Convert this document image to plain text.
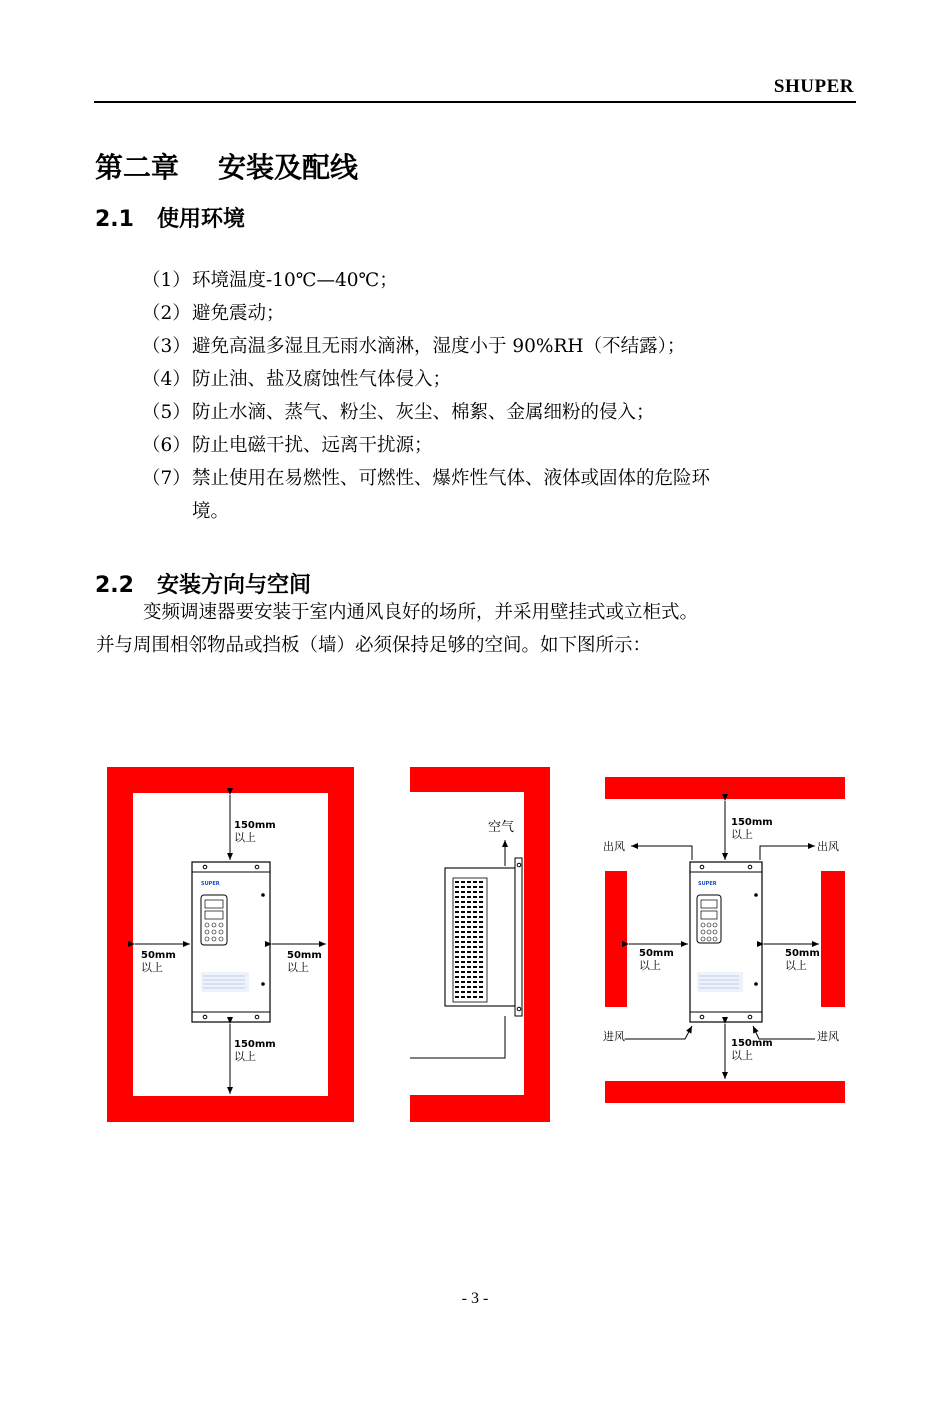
SHUPER
第二章    安装及配线
2.1   使用环境
（1）环境温度-10℃—40℃；
（2）避免震动；
（3）避免高温多湿且无雨水滴淋，湿度小于 90%RH（不结露）；
（4）防止油、盐及腐蚀性气体侵入；
（5）防止水滴、蒸气、粉尘、灰尘、棉絮、金属细粉的侵入；
（6）防止电磁干扰、远离干扰源；
（7）禁止使用在易燃性、可燃性、爆炸性气体、液体或固体的危险环
境。
2.2   安装方向与空间

变频调速器要安装于室内通风良好的场所，并采用壁挂式或立柜式。

并与周围相邻物品或挡板（墙）必须保持足够的空间。如下图所示：

SUPER
150mm
以上
50mm
以上
50mm
以上
150mm
以上
空气
SUPER
150mm
以上
150mm
以上
50mm
以上
50mm
以上
出风	出风
进风	进风
- 3 -
